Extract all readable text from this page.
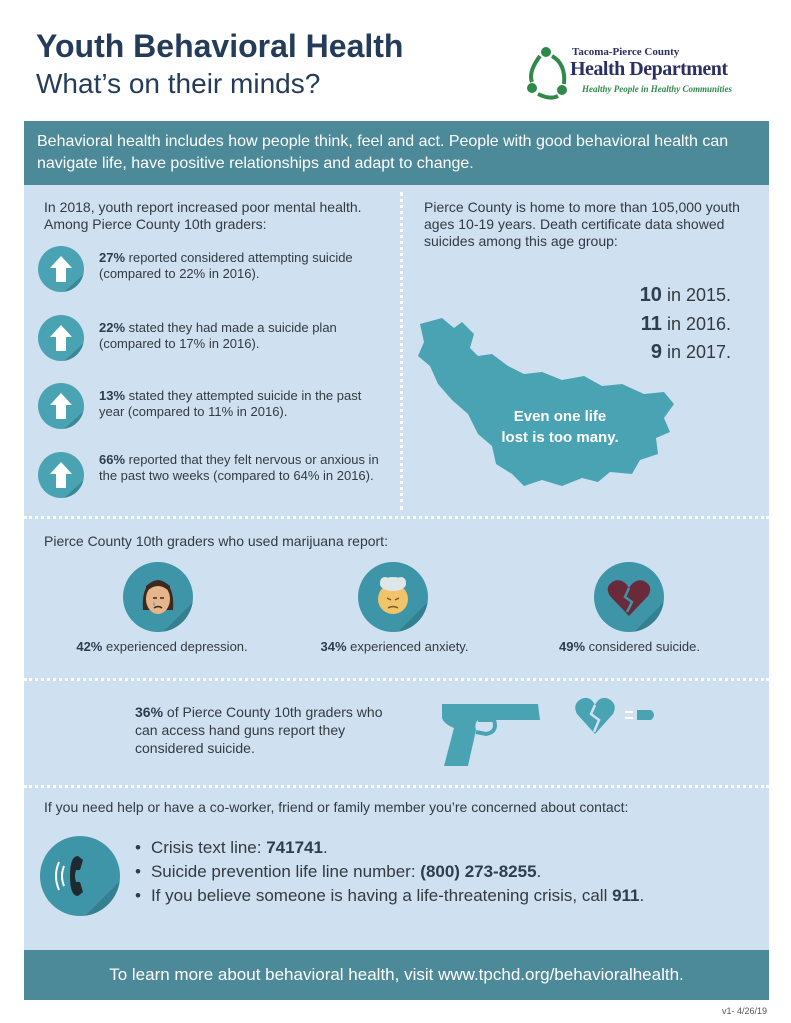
Youth Behavioral Health
What’s on their minds?
Tacoma-Pierce County
Health Department
Healthy People in Healthy Communities
Behavioral health includes how people think, feel and act. People with good behavioral health can navigate life, have positive relationships and adapt to change.
In 2018, youth report increased poor mental health. Among Pierce County 10th graders:
27% reported considered attempting suicide (compared to 22% in 2016).
22% stated they had made a suicide plan (compared to 17% in 2016).
13% stated they attempted suicide in the past year (compared to 11% in 2016).
66% reported that they felt nervous or anxious in the past two weeks (compared to 64% in 2016).
Pierce County is home to more than 105,000 youth ages 10-19 years. Death certificate data showed suicides among this age group:
10 in 2015.
11 in 2016.
9 in 2017.
Even one life lost is too many.
Pierce County 10th graders who used marijuana report:
42% experienced depression.	34% experienced anxiety.	49% considered suicide.
36% of Pierce County 10th graders who can access hand guns report they considered suicide.
If you need help or have a co-worker, friend or family member you’re concerned about contact:
• Crisis text line: 741741.
• Suicide prevention life line number: (800) 273-8255.
• If you believe someone is having a life-threatening crisis, call 911.
To learn more about behavioral health, visit www.tpchd.org/behavioralhealth.
v1- 4/26/19
